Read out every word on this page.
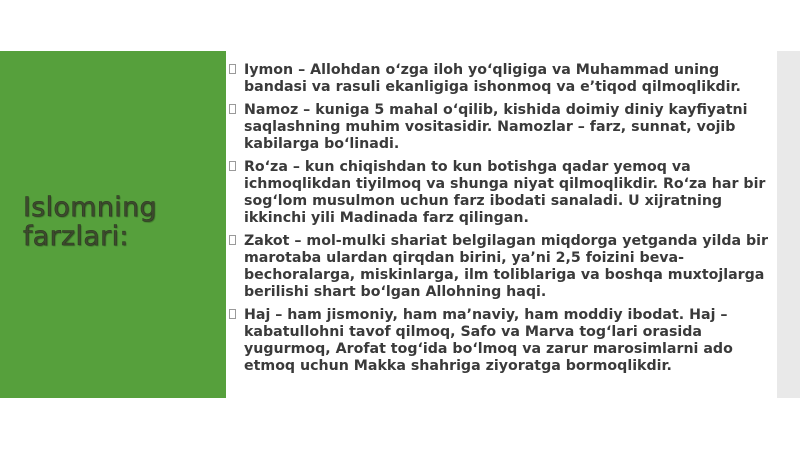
Islomning farzlari:
Iymon – Allohdan o‘zga iloh yo‘qligiga va Muhammad uning bandasi va rasuli ekanligiga ishonmoq va e’tiqod qilmoqlikdir.
Namoz – kuniga 5 mahal o‘qilib, kishida doimiy diniy kayfiyatni saqlashning muhim vositasidir. Namozlar – farz, sunnat, vojib kabilarga bo‘linadi.
Ro‘za – kun chiqishdan to kun botishga qadar yemoq va ichmoqlikdan tiyilmoq va shunga niyat qilmoqlikdir. Ro‘za har bir sog‘lom musulmon uchun farz ibodati sanaladi. U xijratning ikkinchi yili Madinada farz qilingan.
Zakot – mol-mulki shariat belgilagan miqdorga yetganda yilda bir marotaba ulardan qirqdan birini, ya’ni 2,5 foizini beva-bechoralarga, miskinlarga, ilm toliblariga va boshqa muxtojlarga berilishi shart bo‘lgan Allohning haqi.
Haj – ham jismoniy, ham ma’naviy, ham moddiy ibodat. Haj – kabatullohni tavof qilmoq, Safo va Marva tog‘lari orasida yugurmoq, Arofat tog‘ida bo‘lmoq va zarur marosimlarni ado etmoq uchun Makka shahriga ziyoratga bormoqlikdir.
